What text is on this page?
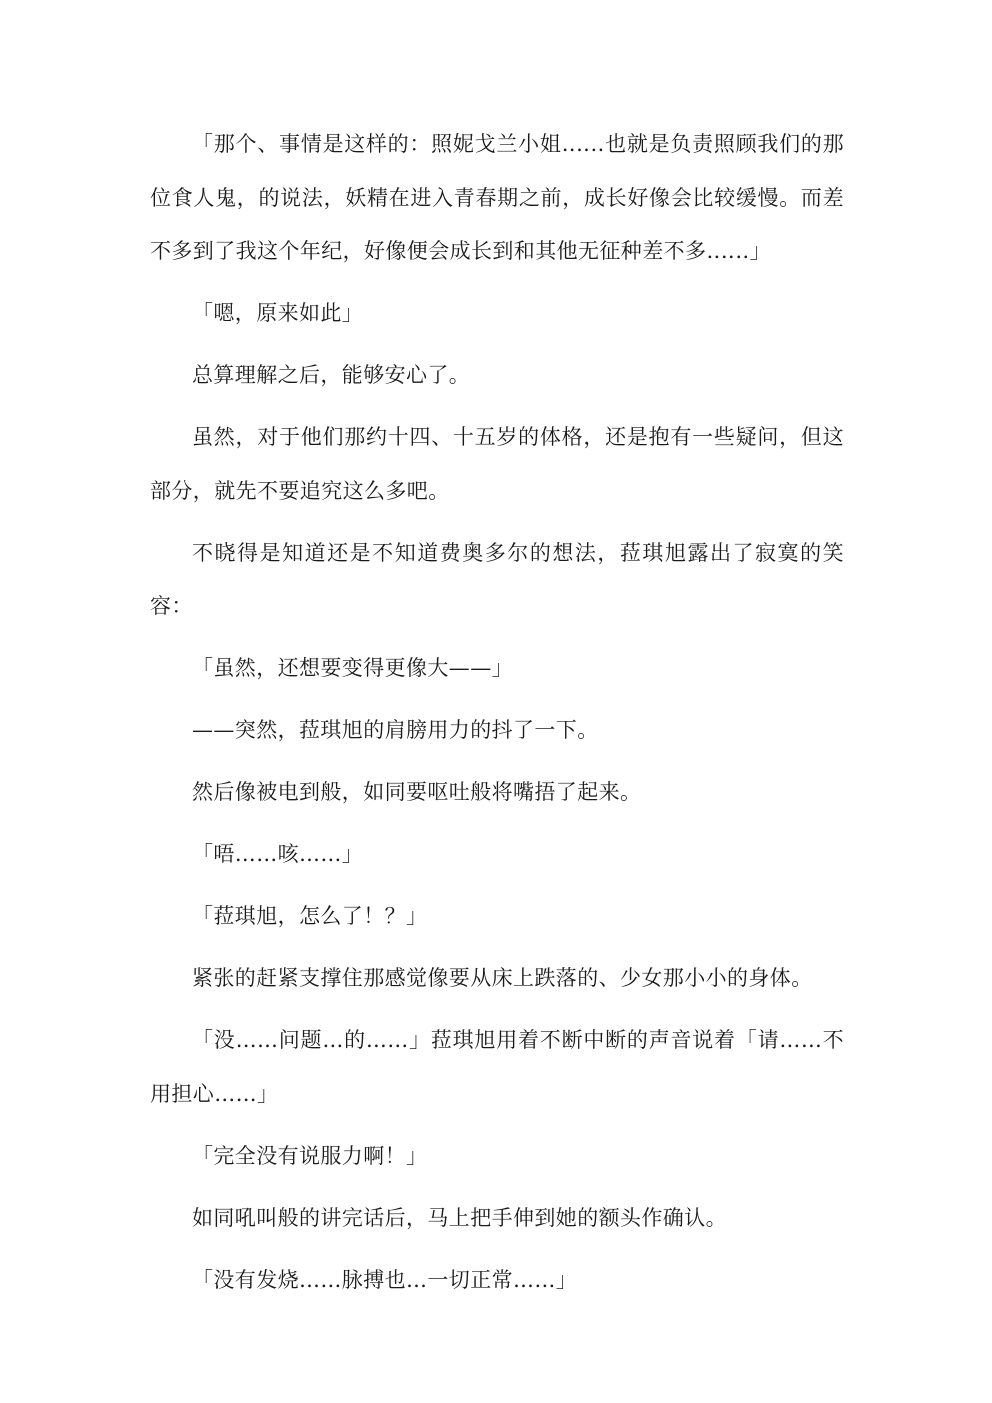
「那个、事情是这样的：照妮戈兰小姐‥‥‥也就是负责照顾我们的那位食人鬼，的说法，妖精在进入青春期之前，成长好像会比较缓慢。而差不多到了我这个年纪，好像便会成长到和其他无征种差不多‥‥‥」

「嗯，原来如此」

总算理解之后，能够安心了。

虽然，对于他们那约十四、十五岁的体格，还是抱有一些疑问，但这部分，就先不要追究这么多吧。

不晓得是知道还是不知道费奥多尔的想法，菈琪旭露出了寂寞的笑容：

「虽然，还想要变得更像大——」

——突然，菈琪旭的肩膀用力的抖了一下。

然后像被电到般，如同要呕吐般将嘴捂了起来。

「唔……咳……」

「菈琪旭，怎么了！？」

紧张的赶紧支撑住那感觉像要从床上跌落的、少女那小小的身体。

「没……问题…的……」菈琪旭用着不断中断的声音说着「请……不用担心……」

「完全没有说服力啊！」

如同吼叫般的讲完话后，马上把手伸到她的额头作确认。

「没有发烧……脉搏也…一切正常……」
